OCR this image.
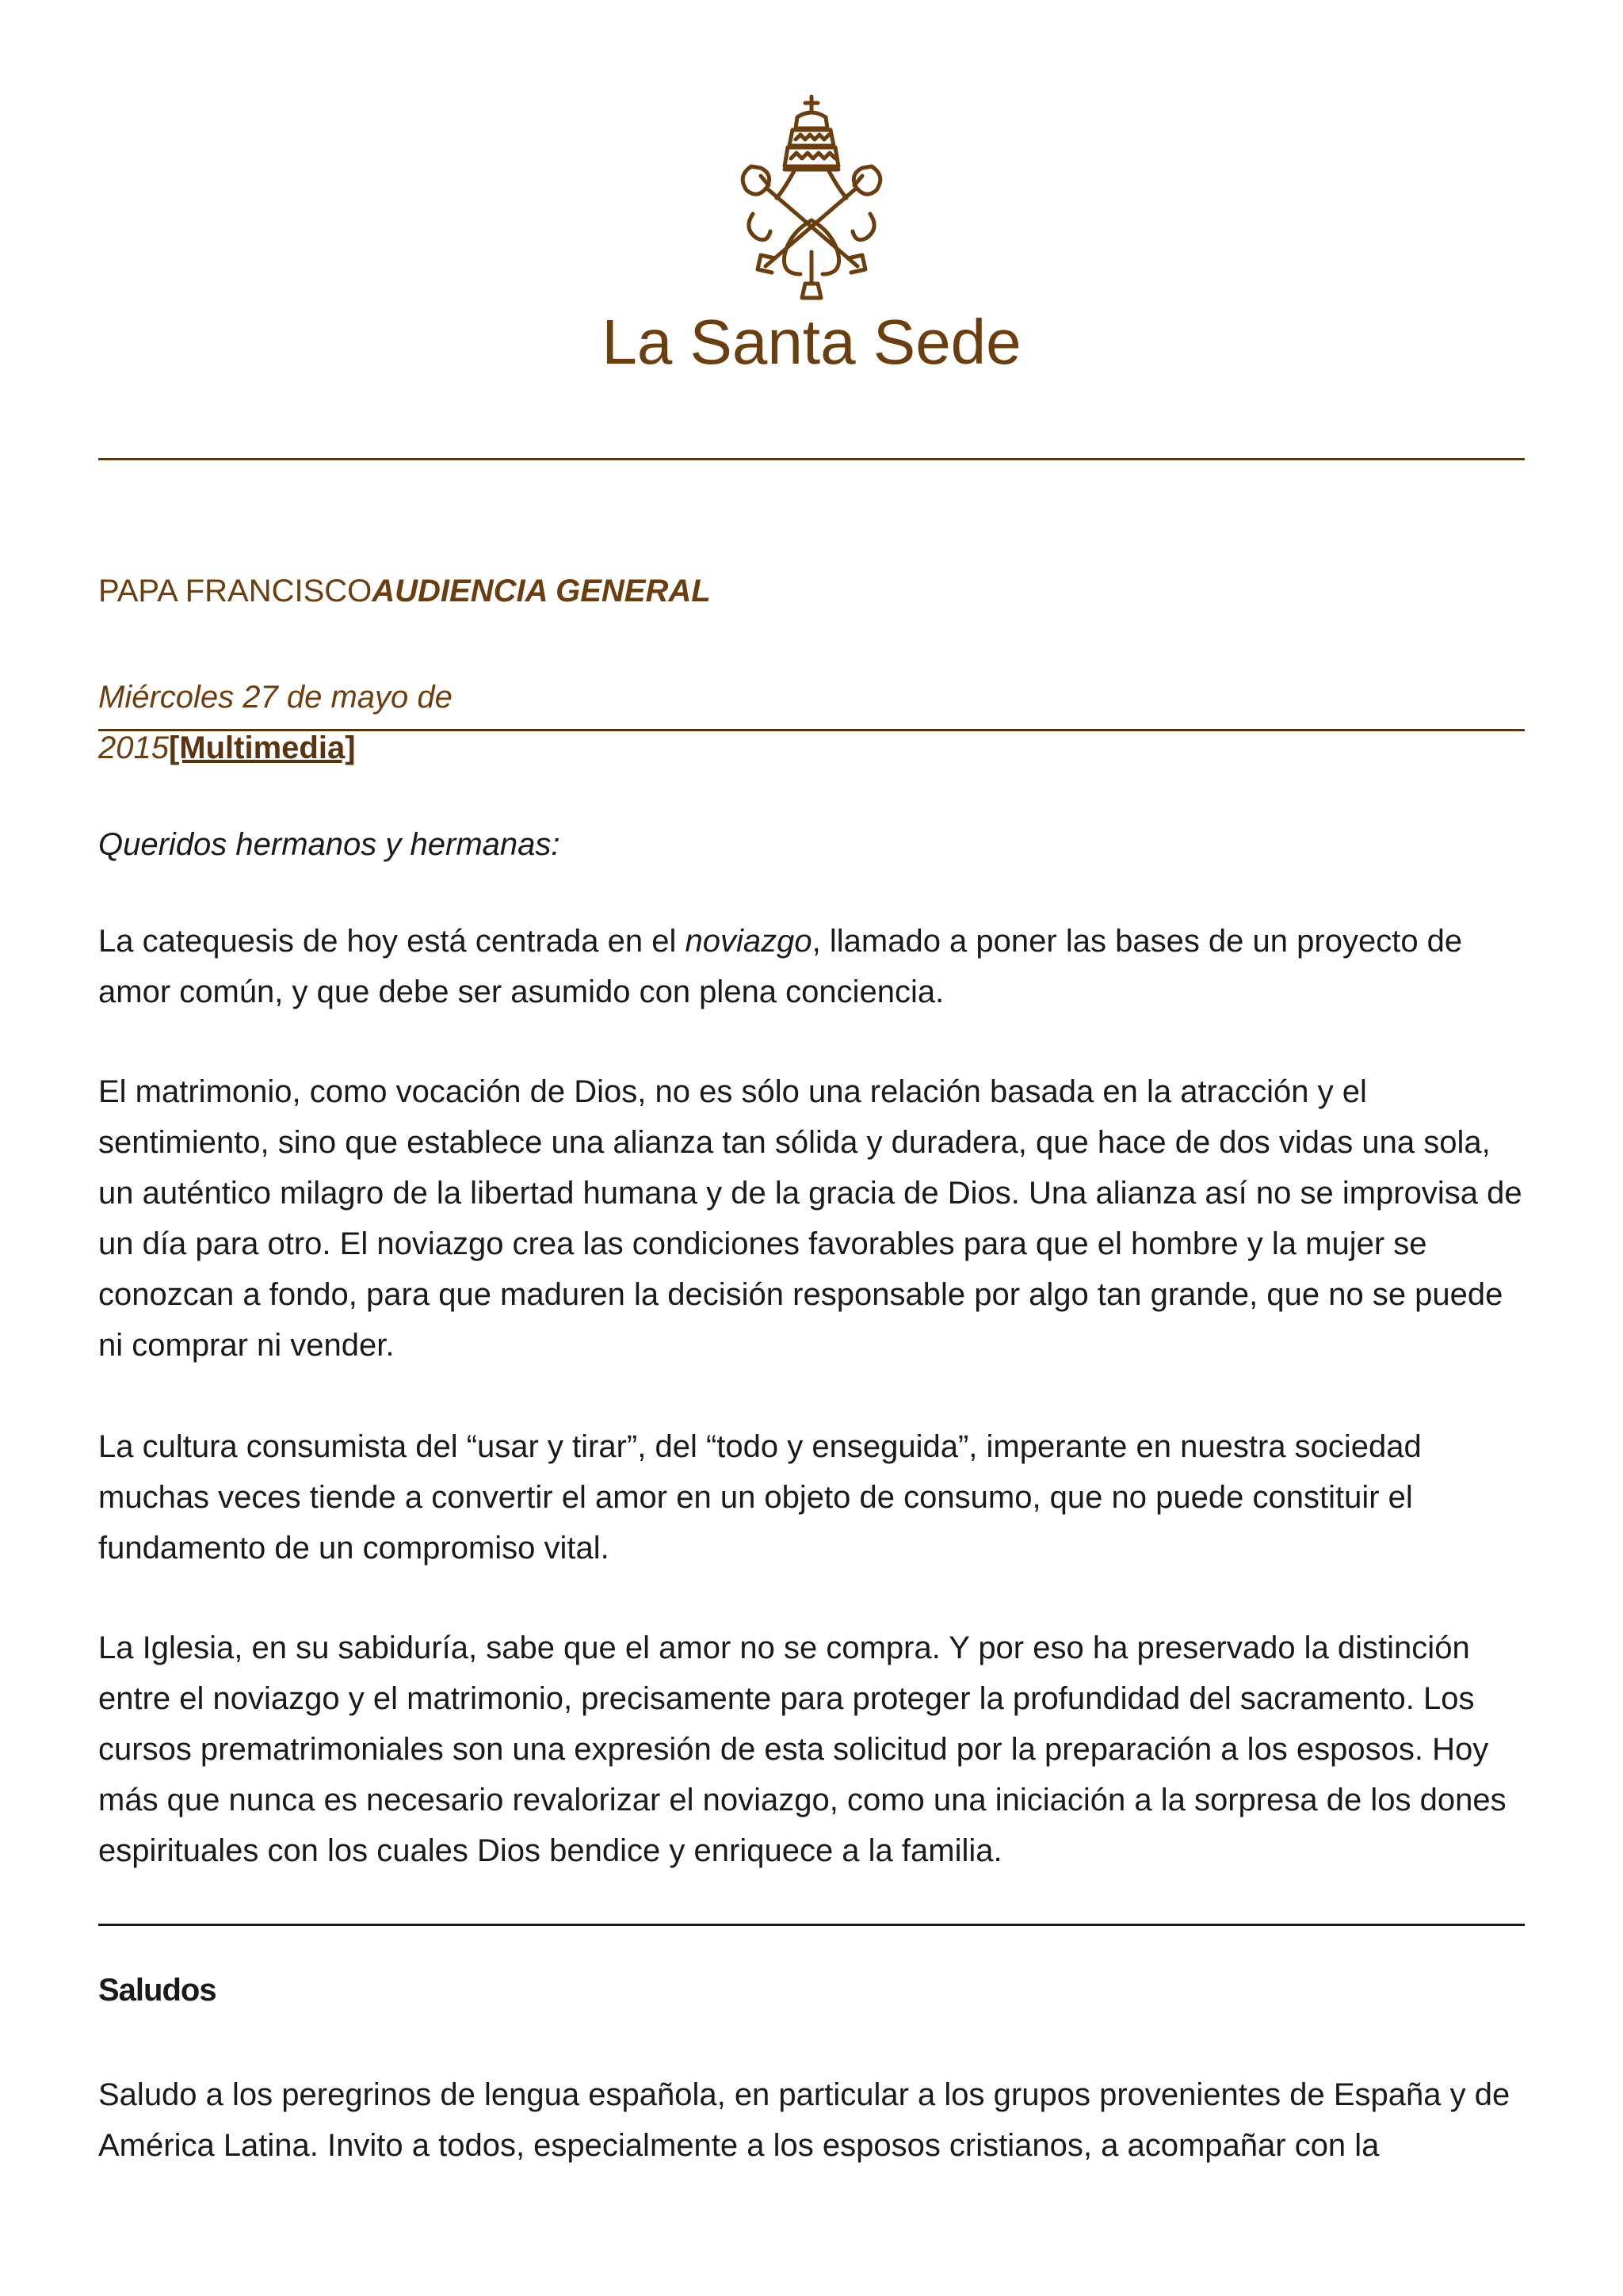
La Santa Sede
PAPA FRANCISCOAUDIENCIA GENERAL
Miércoles 27 de mayo de 2015[Multimedia]

Queridos hermanos y hermanas:

La catequesis de hoy está centrada en el noviazgo, llamado a poner las bases de un proyecto de amor común, y que debe ser asumido con plena conciencia.

El matrimonio, como vocación de Dios, no es sólo una relación basada en la atracción y el sentimiento, sino que establece una alianza tan sólida y duradera, que hace de dos vidas una sola, un auténtico milagro de la libertad humana y de la gracia de Dios. Una alianza así no se improvisa de un día para otro. El noviazgo crea las condiciones favorables para que el hombre y la mujer se conozcan a fondo, para que maduren la decisión responsable por algo tan grande, que no se puede ni comprar ni vender.

La cultura consumista del “usar y tirar”, del “todo y enseguida”, imperante en nuestra sociedad muchas veces tiende a convertir el amor en un objeto de consumo, que no puede constituir el fundamento de un compromiso vital.

La Iglesia, en su sabiduría, sabe que el amor no se compra. Y por eso ha preservado la distinción entre el noviazgo y el matrimonio, precisamente para proteger la profundidad del sacramento. Los cursos prematrimoniales son una expresión de esta solicitud por la preparación a los esposos. Hoy más que nunca es necesario revalorizar el noviazgo, como una iniciación a la sorpresa de los dones espirituales con los cuales Dios bendice y enriquece a la familia.

Saludos

Saludo a los peregrinos de lengua española, en particular a los grupos provenientes de España y de América Latina. Invito a todos, especialmente a los esposos cristianos, a acompañar con la
